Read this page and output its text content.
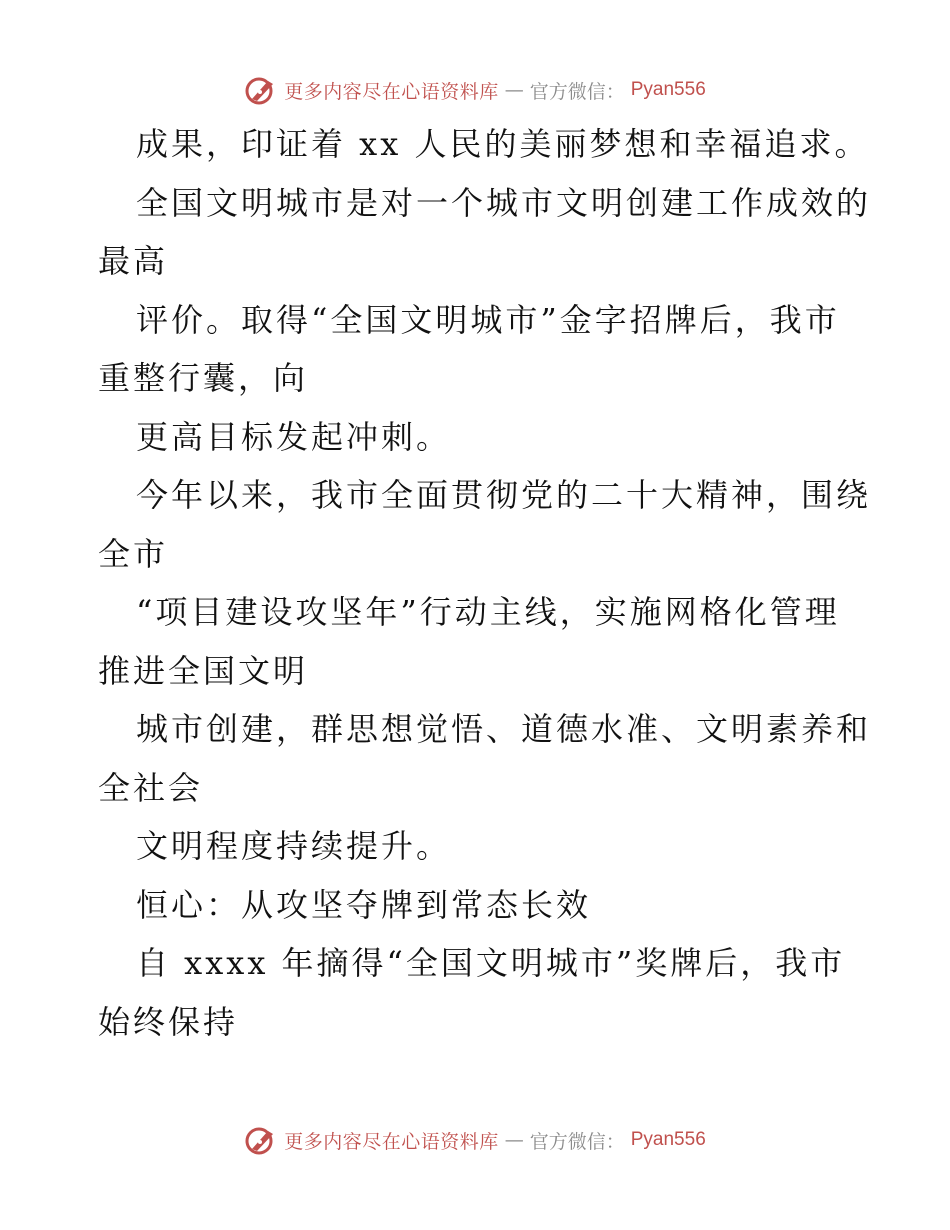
更多内容尽在心语资料库 — 官方微信： Pyan556
成果，印证着 xx 人民的美丽梦想和幸福追求。
全国文明城市是对一个城市文明创建工作成效的
最高
评价。取得“全国文明城市”金字招牌后，我市
重整行囊，向
更高目标发起冲刺。
今年以来，我市全面贯彻党的二十大精神，围绕
全市
“项目建设攻坚年”行动主线，实施网格化管理
推进全国文明
城市创建，群思想觉悟、道德水准、文明素养和
全社会
文明程度持续提升。
恒心：从攻坚夺牌到常态长效
自 xxxx 年摘得“全国文明城市”奖牌后，我市
始终保持
更多内容尽在心语资料库 — 官方微信： Pyan556
